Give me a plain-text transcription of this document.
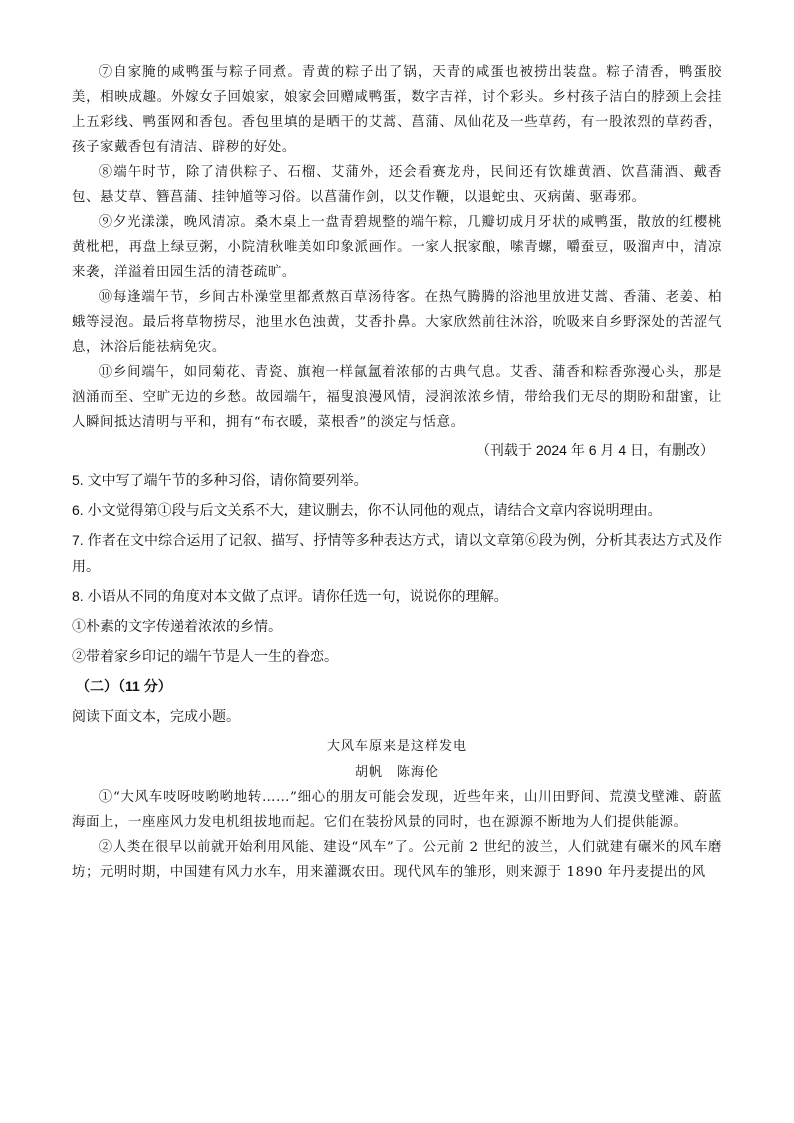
⑦自家腌的咸鸭蛋与粽子同煮。青黄的粽子出了锅，天青的咸蛋也被捞出装盘。粽子清香，鸭蛋胶美，相映成趣。外嫁女子回娘家，娘家会回赠咸鸭蛋，数字吉祥，讨个彩头。乡村孩子洁白的脖颈上会挂上五彩线、鸭蛋网和香包。香包里填的是晒干的艾蒿、菖蒲、凤仙花及一些草药，有一股浓烈的草药香，孩子家戴香包有清洁、辟秽的好处。

⑧端午时节，除了清供粽子、石榴、艾蒲外，还会看赛龙舟，民间还有饮雄黄酒、饮菖蒲酒、戴香包、悬艾草、簪菖蒲、挂钟馗等习俗。以菖蒲作剑，以艾作鞭，以退蛇虫、灭病菌、驱毒邪。

⑨夕光漾漾，晚风清凉。桑木桌上一盘青碧规整的端午粽，几瓣切成月牙状的咸鸭蛋，散放的红樱桃黄枇杷，再盘上绿豆粥，小院清秋唯美如印象派画作。一家人抿家酿，嗦青螺，嚼蚕豆，吸溜声中，清凉来袭，洋溢着田园生活的清苍疏旷。

⑩每逢端午节，乡间古朴澡堂里都煮熬百草汤待客。在热气腾腾的浴池里放进艾蒿、香蒲、老姜、柏蛾等浸泡。最后将草物捞尽，池里水色浊黄，艾香扑鼻。大家欣然前往沐浴，吮吸来自乡野深处的苦涩气息，沐浴后能祛病免灾。

⑪乡间端午，如同菊花、青瓷、旗袍一样氤氲着浓郁的古典气息。艾香、蒲香和粽香弥漫心头，那是汹涌而至、空旷无边的乡愁。故园端午，福叟浪漫风情，浸润浓浓乡情，带给我们无尽的期盼和甜蜜，让人瞬间抵达清明与平和，拥有“布衣暖，菜根香”的淡定与恬意。

（刊载于 2024 年 6 月 4 日，有删改）

5. 文中写了端午节的多种习俗，请你简要列举。

6. 小文觉得第①段与后文关系不大，建议删去，你不认同他的观点，请结合文章内容说明理由。

7. 作者在文中综合运用了记叙、描写、抒情等多种表达方式，请以文章第⑥段为例，分析其表达方式及作用。

8. 小语从不同的角度对本文做了点评。请你任选一句，说说你的理解。

①朴素的文字传递着浓浓的乡情。

②带着家乡印记的端午节是人一生的眷恋。

（二）（11 分）
阅读下面文本，完成小题。
大风车原来是这样发电
胡帆　陈海伦

①“大风车吱呀吱哟哟地转……”细心的朋友可能会发现，近些年来，山川田野间、荒漠戈壁滩、蔚蓝海面上，一座座风力发电机组拔地而起。它们在装扮风景的同时，也在源源不断地为人们提供能源。

②人类在很早以前就开始利用风能、建设“风车”了。公元前 2 世纪的波兰，人们就建有碾米的风车磨坊；元明时期，中国建有风力水车，用来灌溉农田。现代风车的雏形，则来源于 1890 年丹麦提出的风
